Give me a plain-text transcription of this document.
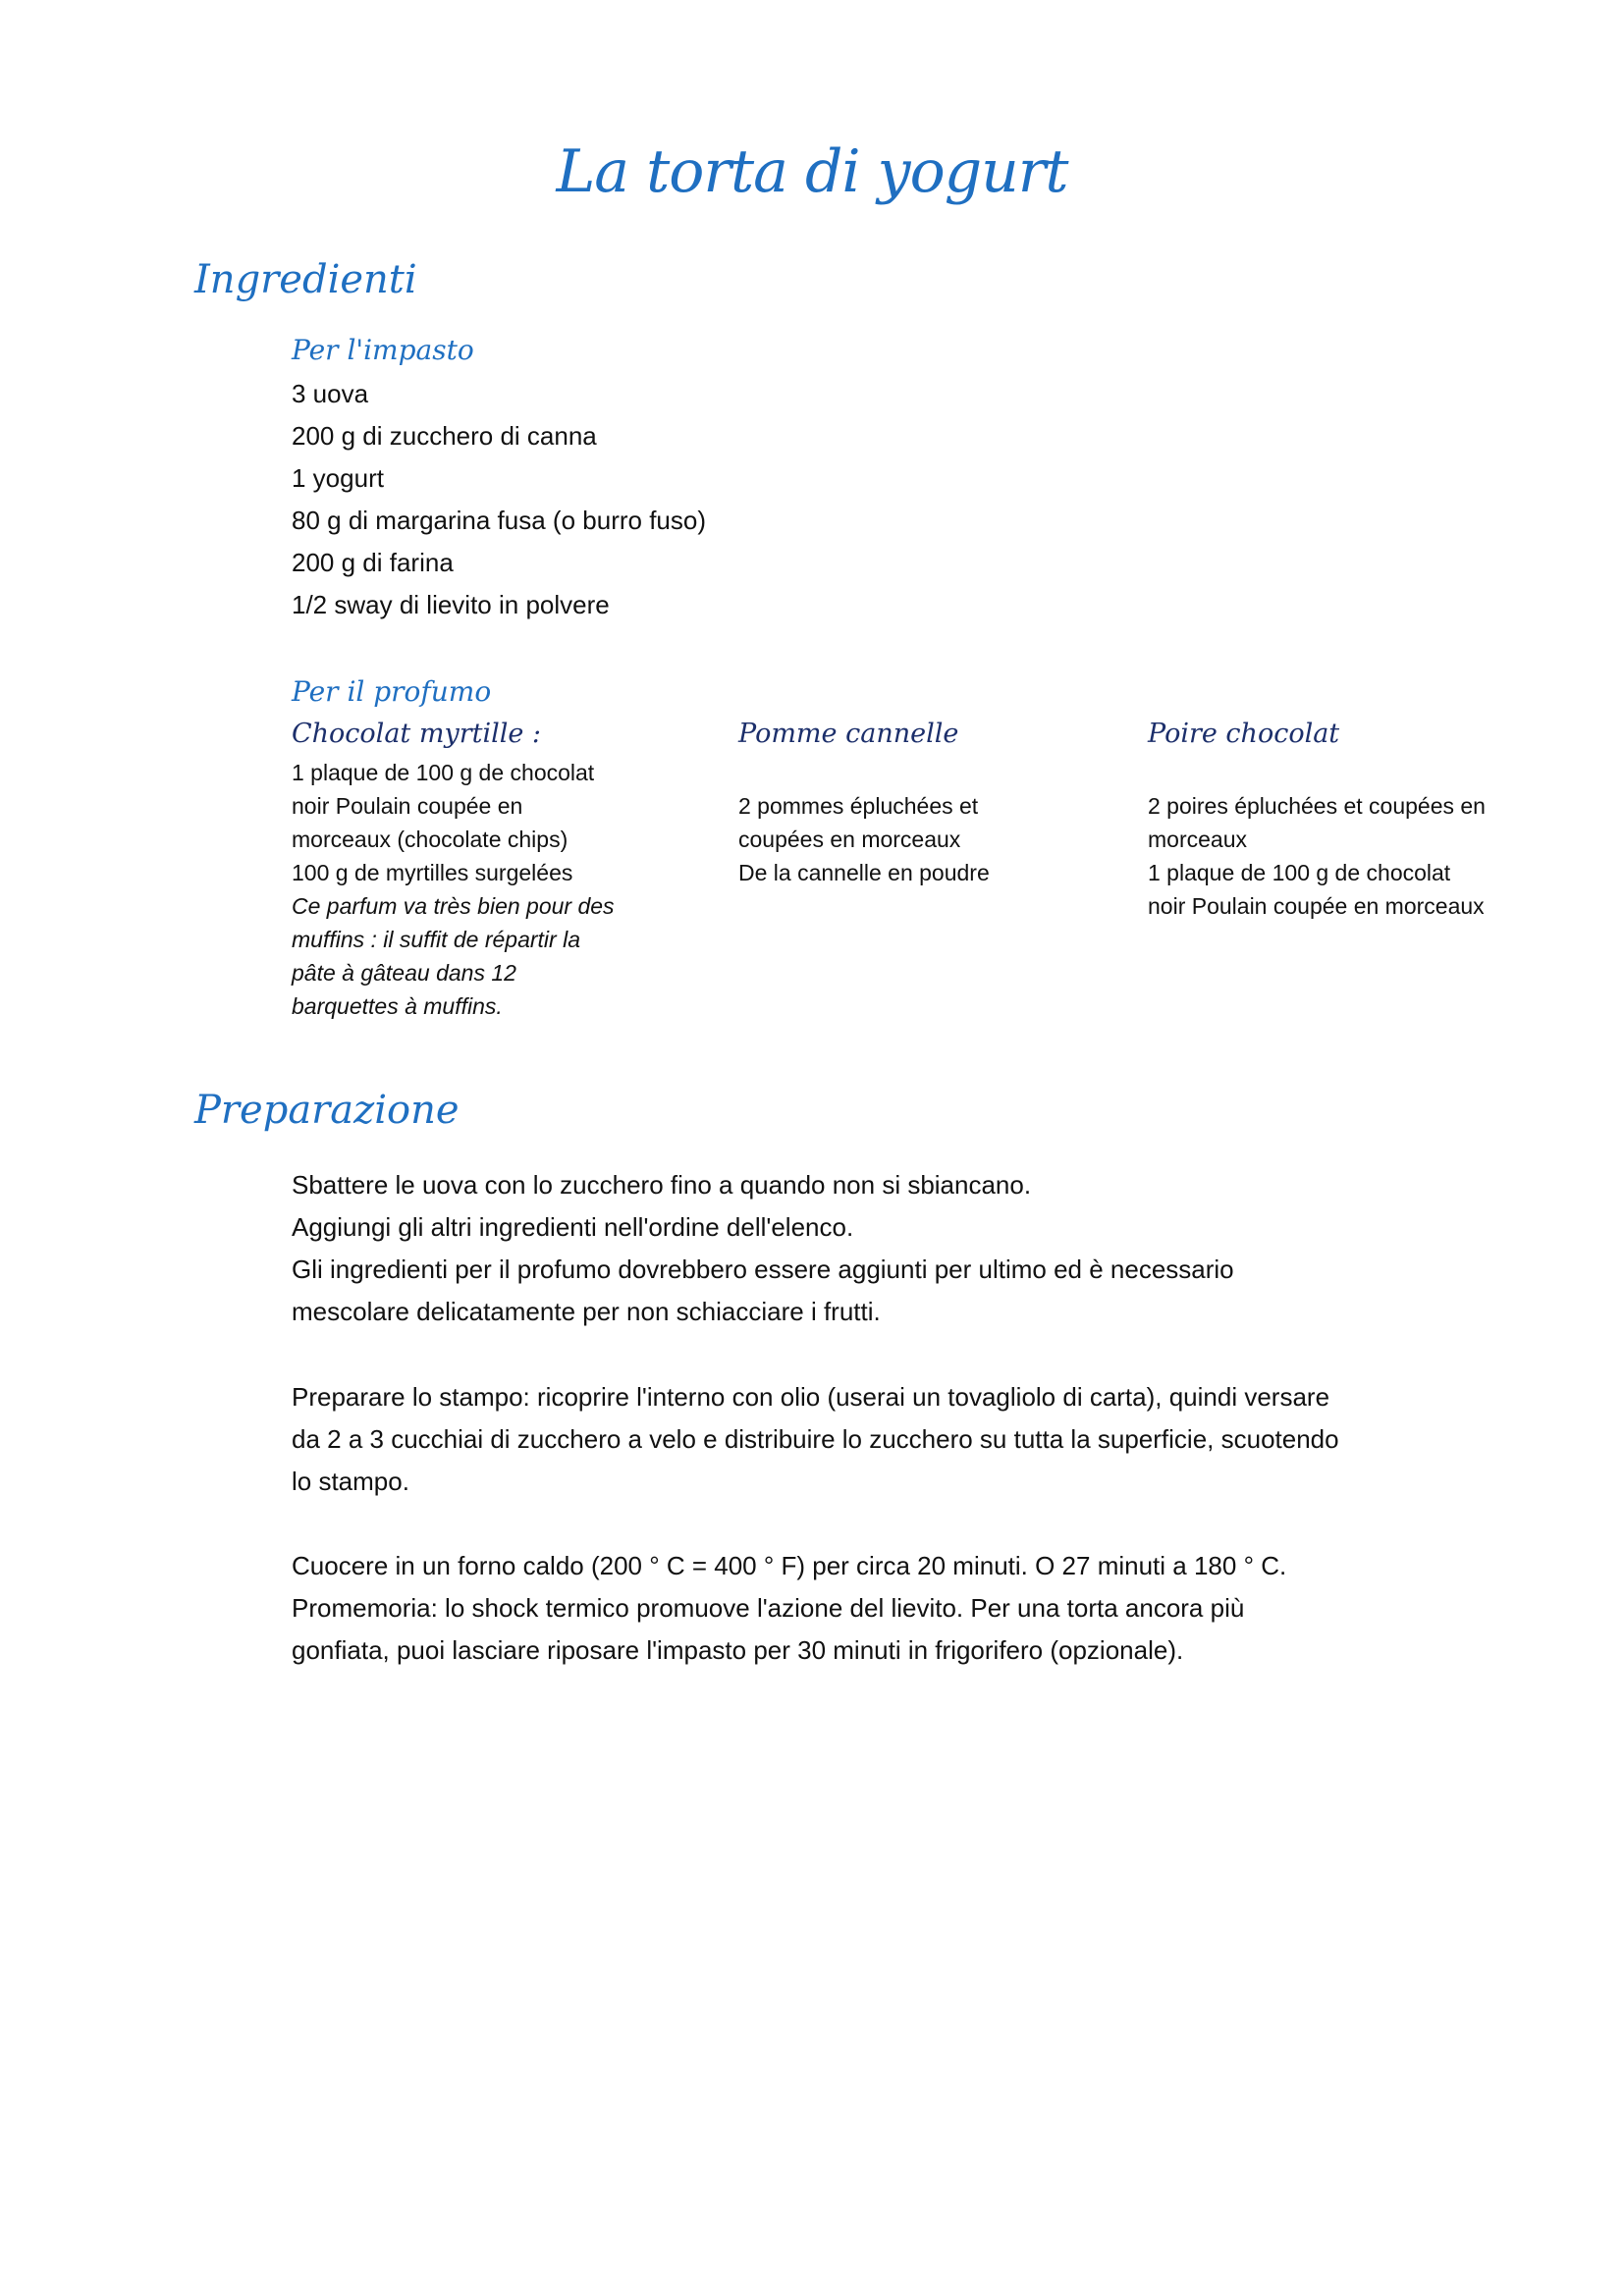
La torta di yogurt
Ingredienti
Per l'impasto
3 uova
200 g di zucchero di canna
1 yogurt
80 g di margarina fusa (o burro fuso)
200 g di farina
1/2 sway di lievito in polvere
Per il profumo
Chocolat myrtille :

1 plaque de 100 g de chocolat

noir Poulain coupée en

morceaux (chocolate chips)

100 g de myrtilles surgelées

Ce parfum va très bien pour des

muffins : il suffit de répartir la

pâte à gâteau dans 12

barquettes à muffins.

Pomme cannelle

2 pommes épluchées et

coupées en morceaux

De la cannelle en poudre

Poire chocolat

2 poires épluchées et coupées en

morceaux

1 plaque de 100 g de chocolat

noir Poulain coupée en morceaux

Preparazione

Sbattere le uova con lo zucchero fino a quando non si sbiancano.

Aggiungi gli altri ingredienti nell'ordine dell'elenco.

Gli ingredienti per il profumo dovrebbero essere aggiunti per ultimo ed è necessario

mescolare delicatamente per non schiacciare i frutti.

Preparare lo stampo: ricoprire l'interno con olio (userai un tovagliolo di carta), quindi versare

da 2 a 3 cucchiai di zucchero a velo e distribuire lo zucchero su tutta la superficie, scuotendo

lo stampo.

Cuocere in un forno caldo (200 ° C = 400 ° F) per circa 20 minuti. O 27 minuti a 180 ° C.

Promemoria: lo shock termico promuove l'azione del lievito. Per una torta ancora più

gonfiata, puoi lasciare riposare l'impasto per 30 minuti in frigorifero (opzionale).
